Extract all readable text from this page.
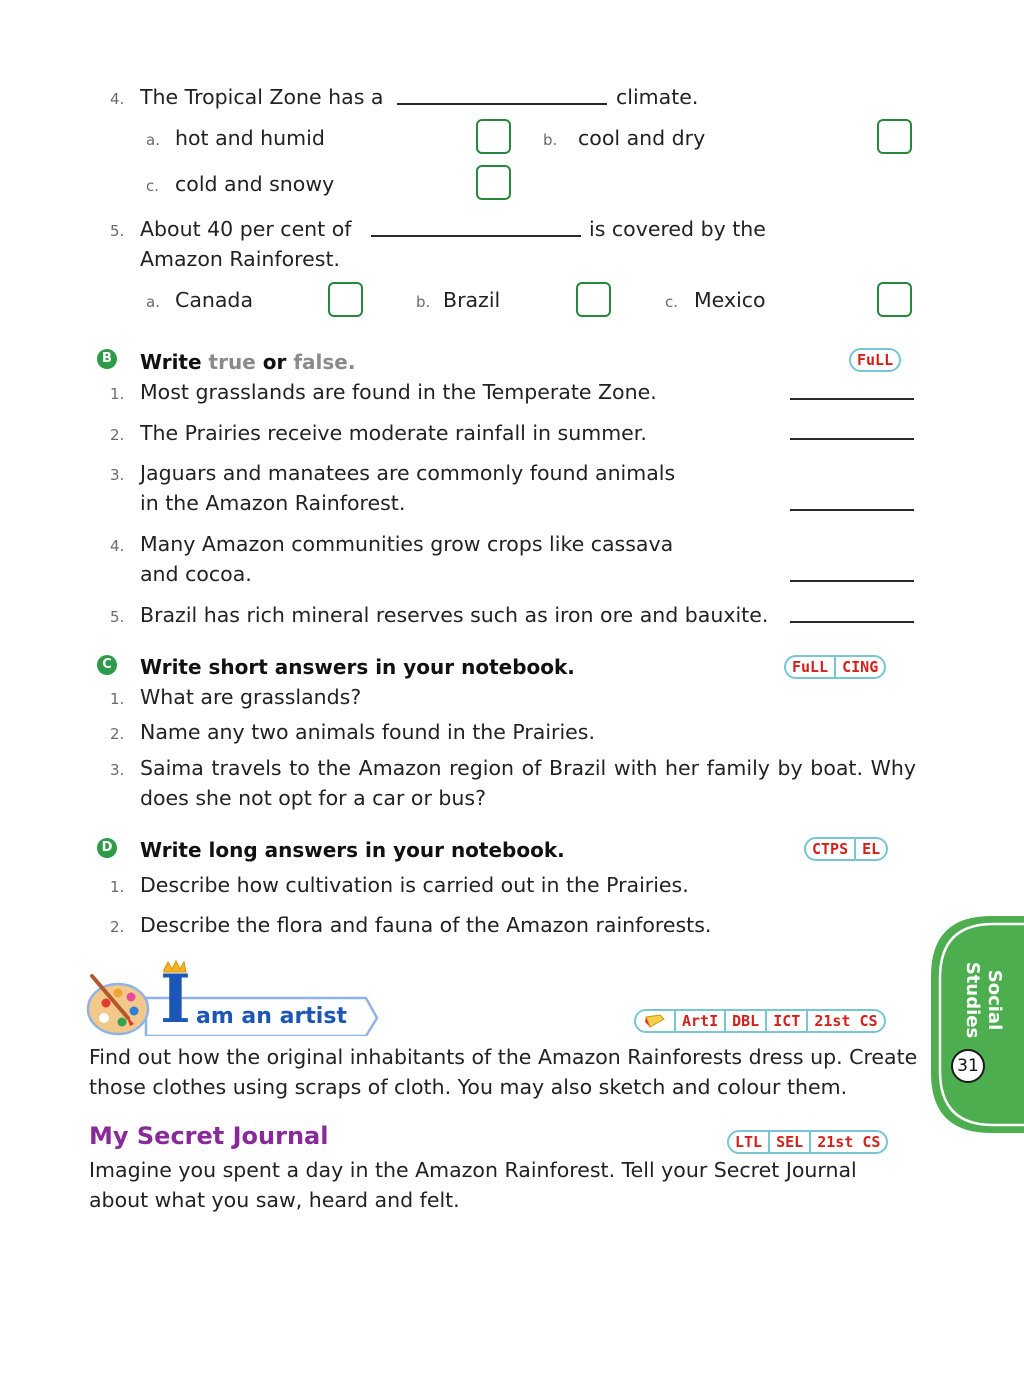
4. The Tropical Zone has a	climate.
a. hot and humid	b. cool and dry
c. cold and snowy
5. About 40 per cent of	is covered by the
Amazon Rainforest.
a. Canada	b. Brazil	c. Mexico
B Write true or false.	FuLL
1. Most grasslands are found in the Temperate Zone.
2. The Prairies receive moderate rainfall in summer.
3. Jaguars and manatees are commonly found animals
in the Amazon Rainforest.
4. Many Amazon communities grow crops like cassava
and cocoa.
5. Brazil has rich mineral reserves such as iron ore and bauxite.
C Write short answers in your notebook.	FuLL CING
1. What are grasslands?
2. Name any two animals found in the Prairies.
3. Saima travels to the Amazon region of Brazil with her family by boat. Why
does she not opt for a car or bus?
D Write long answers in your notebook.	CTPS EL
1. Describe how cultivation is carried out in the Prairies.
2. Describe the flora and fauna of the Amazon rainforests.
I am an artist	ArtI DBL ICT 21st CS
Find out how the original inhabitants of the Amazon Rainforests dress up. Create
those clothes using scraps of cloth. You may also sketch and colour them.
My Secret Journal	LTL SEL 21st CS
Imagine you spent a day in the Amazon Rainforest. Tell your Secret Journal
about what you saw, heard and felt.
Social
Studies
31
